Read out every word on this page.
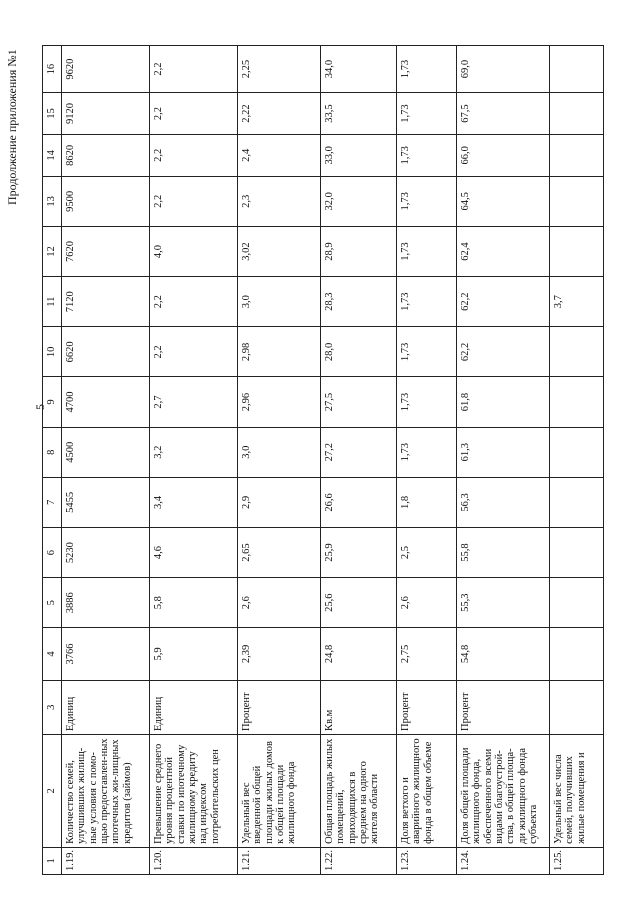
5
Продолжение приложения №1
1	2	3	4	5	6	7	8	9	10	11	12	13	14	15	16
1.19.	Количество семей, улучшивших жилищ-ные условия с помо-щью предоставлен-ных ипотечных жи-лищных кредитов (займов)	Единиц	3766	3886	5230	5455	4500	4700	6620	7120	7620	9500	8620	9120	9620
1.20.	Превышение среднего уровня процентной ставки по ипотечному жилищному кредиту над индексом потребительских цен	Единиц	5,9	5,8	4,6	3,4	3,2	2,7	2,2	2,2	4,0	2,2	2,2	2,2	2,2
1.21.	Удельный вес введенной общей площади жилых домов к общей площади жилищного фонда	Процент	2,39	2,6	2,65	2,9	3,0	2,96	2,98	3,0	3,02	2,3	2,4	2,22	2,25
1.22.	Общая площадь жилых помещений, приходящихся в среднем на одного жителя области	Кв.м	24,8	25,6	25,9	26,6	27,2	27,5	28,0	28,3	28,9	32,0	33,0	33,5	34,0
1.23.	Доля ветхого и аварийного жилищного фонда в общем объеме	Процент	2,75	2,6	2,5	1,8	1,73	1,73	1,73	1,73	1,73	1,73	1,73	1,73	1,73
1.24.	Доля общей площади жилищного фонда, обеспеченного всеми видами благоустрой-ства, в общей площа-ди жилищного фонда субъекта	Процент	54,8	55,3	55,8	56,3	61,3	61,8	62,2	62,2	62,4	64,5	66,0	67,5	69,0
1.25.	Удельный вес числа семей, получивших жилые помещения и									3,7					
